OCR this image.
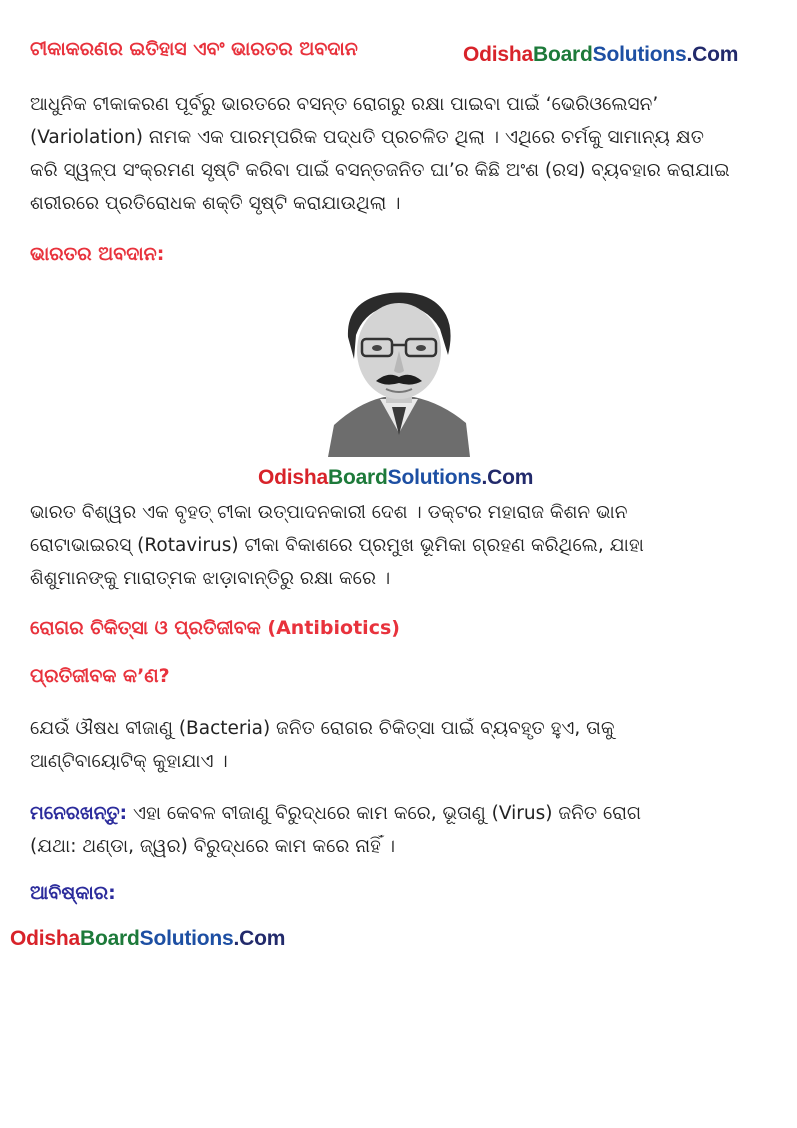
ଟୀକାକରଣର ଇତିହାସ ଏବଂ ଭାରତର ଅବଦାନ	OdishaBoardSolutions.Com
ଆଧୁନିକ ଟୀକାକରଣ ପୂର୍ବରୁ ଭାରତରେ ବସନ୍ତ ରୋଗରୁ ରକ୍ଷା ପାଇବା ପାଇଁ ‘ଭେରିଓଲେସନ’
(Variolation) ନାମକ ଏକ ପାରମ୍ପରିକ ପଦ୍ଧତି ପ୍ରଚଳିତ ଥିଲା । ଏଥିରେ ଚର୍ମକୁ ସାମାନ୍ୟ କ୍ଷତ
କରି ସ୍ୱଳ୍ପ ସଂକ୍ରମଣ ସୃଷ୍ଟି କରିବା ପାଇଁ ବସନ୍ତଜନିତ ଘା’ର କିଛି ଅଂଶ (ରସ) ବ୍ୟବହାର କରାଯାଇ
ଶରୀରରେ ପ୍ରତିରୋଧକ ଶକ୍ତି ସୃଷ୍ଟି କରାଯାଉଥିଲା ।
ଭାରତର ଅବଦାନ:
OdishaBoardSolutions.Com
ଭାରତ ବିଶ୍ୱର ଏକ ବୃହତ୍ ଟୀକା ଉତ୍ପାଦନକାରୀ ଦେଶ । ଡକ୍ଟର ମହାରାଜ କିଶନ ଭାନ
ରୋଟାଭାଇରସ୍ (Rotavirus) ଟୀକା ବିକାଶରେ ପ୍ରମୁଖ ଭୂମିକା ଗ୍ରହଣ କରିଥିଲେ, ଯାହା
ଶିଶୁମାନଙ୍କୁ ମାରାତ୍ମକ ଝାଡ଼ାବାନ୍ତିରୁ ରକ୍ଷା କରେ ।
ରୋଗର ଚିକିତ୍ସା ଓ ପ୍ରତିଜୀବକ (Antibiotics)
ପ୍ରତିଜୀବକ କ’ଣ?
ଯେଉଁ ଔଷଧ ବୀଜାଣୁ (Bacteria) ଜନିତ ରୋଗର ଚିକିତ୍ସା ପାଇଁ ବ୍ୟବହୃତ ହୁଏ, ତାକୁ
ଆଣ୍ଟିବାୟୋଟିକ୍ କୁହାଯାଏ ।
ମନେରଖନ୍ତୁ: ଏହା କେବଳ ବୀଜାଣୁ ବିରୁଦ୍ଧରେ କାମ କରେ, ଭୂତାଣୁ (Virus) ଜନିତ ରୋଗ
(ଯଥା: ଥଣ୍ଡା, ଜ୍ୱର) ବିରୁଦ୍ଧରେ କାମ କରେ ନାହିଁ ।
ଆବିଷ୍କାର:
OdishaBoardSolutions.Com
